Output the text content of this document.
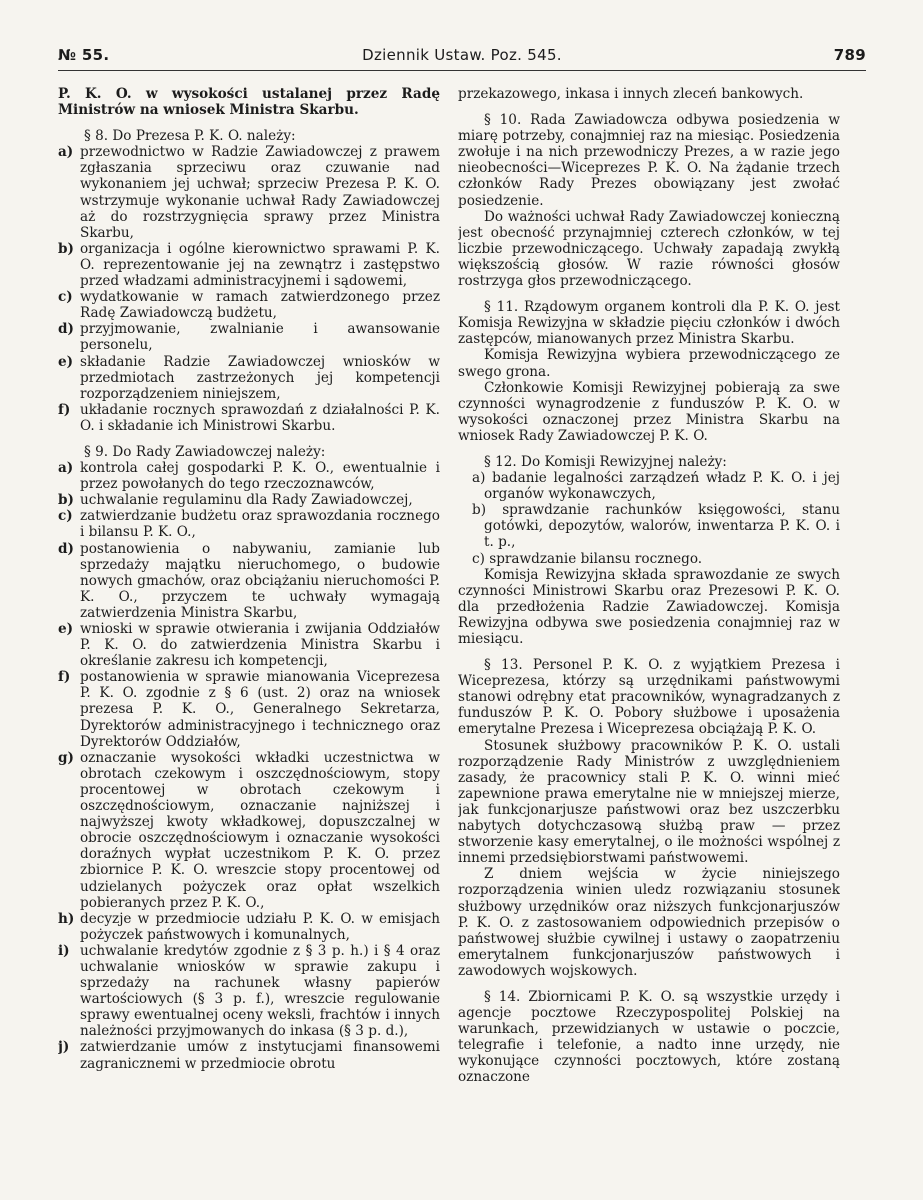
№ 55.	Dziennik Ustaw. Poz. 545.	789

P. K. O. w wysokości ustalanej przez Radę Ministrów na wniosek Ministra Skarbu.

§ 8. Do Prezesa P. K. O. należy:

a) przewodnictwo w Radzie Zawiadowczej z prawem zgłaszania sprzeciwu oraz czuwanie nad wykonaniem jej uchwał; sprzeciw Prezesa P. K. O. wstrzymuje wykonanie uchwał Rady Zawiadowczej aż do rozstrzygnięcia sprawy przez Ministra Skarbu,
b) organizacja i ogólne kierownictwo sprawami P. K. O. reprezentowanie jej na zewnątrz i zastępstwo przed władzami administracyjnemi i sądowemi,
c) wydatkowanie w ramach zatwierdzonego przez Radę Zawiadowczą budżetu,
d) przyjmowanie, zwalnianie i awansowanie personelu,
e) składanie Radzie Zawiadowczej wniosków w przedmiotach zastrzeżonych jej kompetencji rozporządzeniem niniejszem,
f) układanie rocznych sprawozdań z działalności P. K. O. i składanie ich Ministrowi Skarbu.

§ 9. Do Rady Zawiadowczej należy:

a) kontrola całej gospodarki P. K. O., ewentualnie i przez powołanych do tego rzeczoznawców,
b) uchwalanie regulaminu dla Rady Zawiadowczej,
c) zatwierdzanie budżetu oraz sprawozdania rocznego i bilansu P. K. O.,
d) postanowienia o nabywaniu, zamianie lub sprzedaży majątku nieruchomego, o budowie nowych gmachów, oraz obciążaniu nieruchomości P. K. O., przyczem te uchwały wymagają zatwierdzenia Ministra Skarbu,
e) wnioski w sprawie otwierania i zwijania Oddziałów P. K. O. do zatwierdzenia Ministra Skarbu i określanie zakresu ich kompetencji,
f) postanowienia w sprawie mianowania Viceprezesa P. K. O. zgodnie z § 6 (ust. 2) oraz na wniosek prezesa P. K. O., Generalnego Sekretarza, Dyrektorów administracyjnego i technicznego oraz Dyrektorów Oddziałów,
g) oznaczanie wysokości wkładki uczestnictwa w obrotach czekowym i oszczędnościowym, stopy procentowej w obrotach czekowym i oszczędnościowym, oznaczanie najniższej i najwyższej kwoty wkładkowej, dopuszczalnej w obrocie oszczędnościowym i oznaczanie wysokości doraźnych wypłat uczestnikom P. K. O. przez zbiornice P. K. O. wreszcie stopy procentowej od udzielanych pożyczek oraz opłat wszelkich pobieranych przez P. K. O.,
h) decyzje w przedmiocie udziału P. K. O. w emisjach pożyczek państwowych i komunalnych,
i) uchwalanie kredytów zgodnie z § 3 p. h.) i § 4 oraz uchwalanie wniosków w sprawie zakupu i sprzedaży na rachunek własny papierów wartościowych (§ 3 p. f.), wreszcie regulowanie sprawy ewentualnej oceny weksli, frachtów i innych należności przyjmowanych do inkasa (§ 3 p. d.),
j) zatwierdzanie umów z instytucjami finansowemi zagranicznemi w przedmiocie obrotu

przekazowego, inkasa i innych zleceń bankowych.

§ 10. Rada Zawiadowcza odbywa posiedzenia w miarę potrzeby, conajmniej raz na miesiąc. Posiedzenia zwołuje i na nich przewodniczy Prezes, a w razie jego nieobecności—Wiceprezes P. K. O. Na żądanie trzech członków Rady Prezes obowiązany jest zwołać posiedzenie.

Do ważności uchwał Rady Zawiadowczej konieczną jest obecność przynajmniej czterech członków, w tej liczbie przewodniczącego. Uchwały zapadają zwykłą większością głosów. W razie równości głosów rostrzyga głos przewodniczącego.

§ 11. Rządowym organem kontroli dla P. K. O. jest Komisja Rewizyjna w składzie pięciu członków i dwóch zastępców, mianowanych przez Ministra Skarbu.

Komisja Rewizyjna wybiera przewodniczącego ze swego grona.

Członkowie Komisji Rewizyjnej pobierają za swe czynności wynagrodzenie z funduszów P. K. O. w wysokości oznaczonej przez Ministra Skarbu na wniosek Rady Zawiadowczej P. K. O.

§ 12. Do Komisji Rewizyjnej należy:

a) badanie legalności zarządzeń władz P. K. O. i jej organów wykonawczych,

b) sprawdzanie rachunków księgowości, stanu gotówki, depozytów, walorów, inwentarza P. K. O. i t. p.,

c) sprawdzanie bilansu rocznego.

Komisja Rewizyjna składa sprawozdanie ze swych czynności Ministrowi Skarbu oraz Prezesowi P. K. O. dla przedłożenia Radzie Zawiadowczej. Komisja Rewizyjna odbywa swe posiedzenia conajmniej raz w miesiącu.

§ 13. Personel P. K. O. z wyjątkiem Prezesa i Wiceprezesa, którzy są urzędnikami państwowymi stanowi odrębny etat pracowników, wynagradzanych z funduszów P. K. O. Pobory służbowe i uposażenia emerytalne Prezesa i Wiceprezesa obciążają P. K. O.

Stosunek służbowy pracowników P. K. O. ustali rozporządzenie Rady Ministrów z uwzględnieniem zasady, że pracownicy stali P. K. O. winni mieć zapewnione prawa emerytalne nie w mniejszej mierze, jak funkcjonarjusze państwowi oraz bez uszczerbku nabytych dotychczasową służbą praw — przez stworzenie kasy emerytalnej, o ile możności wspólnej z innemi przedsiębiorstwami państwowemi.

Z dniem wejścia w życie niniejszego rozporządzenia winien uledz rozwiązaniu stosunek służbowy urzędników oraz niższych funkcjonarjuszów P. K. O. z zastosowaniem odpowiednich przepisów o państwowej służbie cywilnej i ustawy o zaopatrzeniu emerytalnem funkcjonarjuszów państwowych i zawodowych wojskowych.

§ 14. Zbiornicami P. K. O. są wszystkie urzędy i agencje pocztowe Rzeczypospolitej Polskiej na warunkach, przewidzianych w ustawie o poczcie, telegrafie i telefonie, a nadto inne urzędy, nie wykonujące czynności pocztowych, które zostaną oznaczone
